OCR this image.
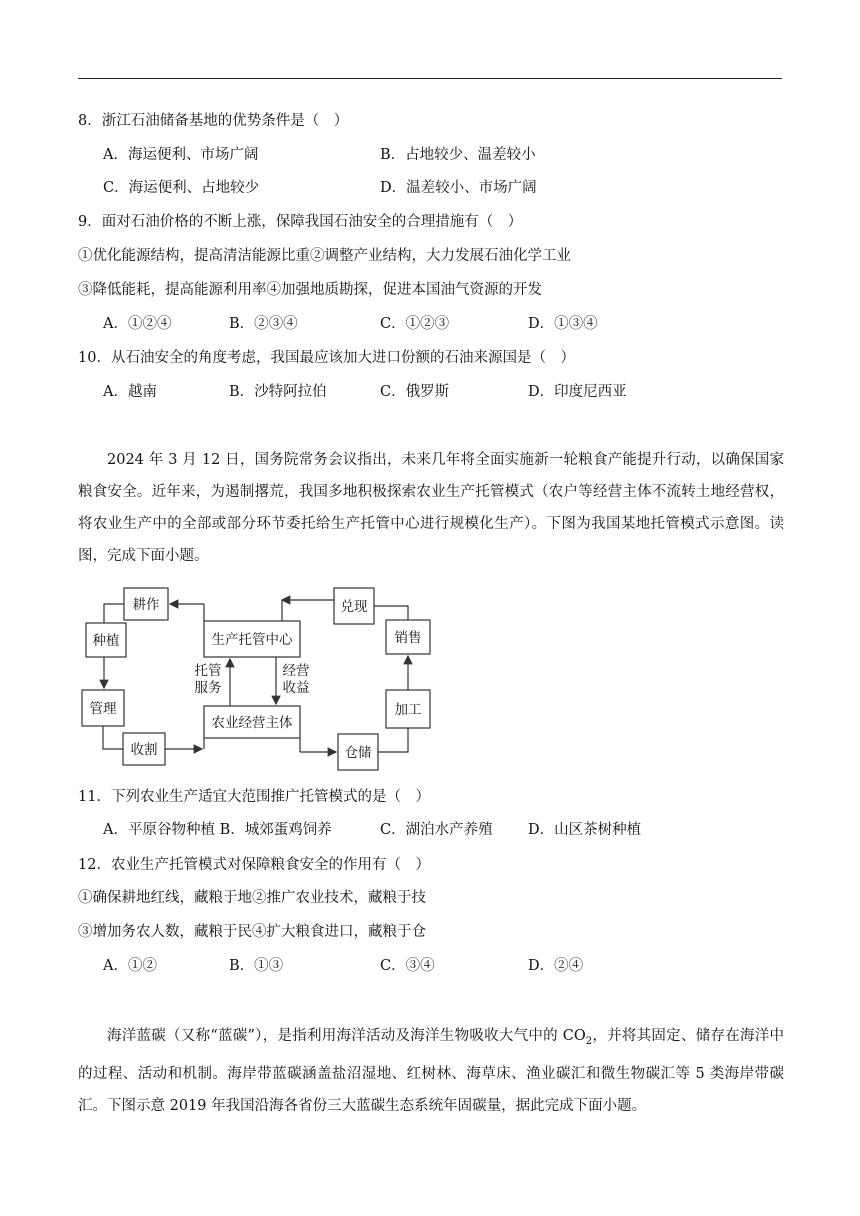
8．浙江石油储备基地的优势条件是（　）
A．海运便利、市场广阔	B．占地较少、温差较小
C．海运便利、占地较少	D．温差较小、市场广阔
9．面对石油价格的不断上涨，保障我国石油安全的合理措施有（　）
①优化能源结构，提高清洁能源比重②调整产业结构，大力发展石油化学工业
③降低能耗，提高能源利用率④加强地质勘探，促进本国油气资源的开发
A．①②④	B．②③④	C．①②③	D．①③④
10．从石油安全的角度考虑，我国最应该加大进口份额的石油来源国是（　）
A．越南	B．沙特阿拉伯	C．俄罗斯	D．印度尼西亚
2024 年 3 月 12 日，国务院常务会议指出，未来几年将全面实施新一轮粮食产能提升行动，以确保国家粮食安全。近年来，为遏制撂荒，我国多地积极探索农业生产托管模式（农户等经营主体不流转土地经营权，将农业生产中的全部或部分环节委托给生产托管中心进行规模化生产）。下图为我国某地托管模式示意图。读图，完成下面小题。
耕作
种植
管理
收割
生产托管中心
农业经营主体
兑现
销售
加工
仓储
托管
服务
经营
收益
11．下列农业生产适宜大范围推广托管模式的是（　）
A．平原谷物种植 B．城郊蛋鸡饲养	C．湖泊水产养殖 D．山区茶树种植
12．农业生产托管模式对保障粮食安全的作用有（　）
①确保耕地红线，藏粮于地②推广农业技术，藏粮于技
③增加务农人数，藏粮于民④扩大粮食进口，藏粮于仓
A．①②	B．①③	C．③④	D．②④
海洋蓝碳（又称“蓝碳”），是指利用海洋活动及海洋生物吸收大气中的 $CO_2$，并将其固定、储存在海洋中的过程、活动和机制。海岸带蓝碳涵盖盐沼湿地、红树林、海草床、渔业碳汇和微生物碳汇等 5 类海岸带碳汇。下图示意 2019 年我国沿海各省份三大蓝碳生态系统年固碳量，据此完成下面小题。
